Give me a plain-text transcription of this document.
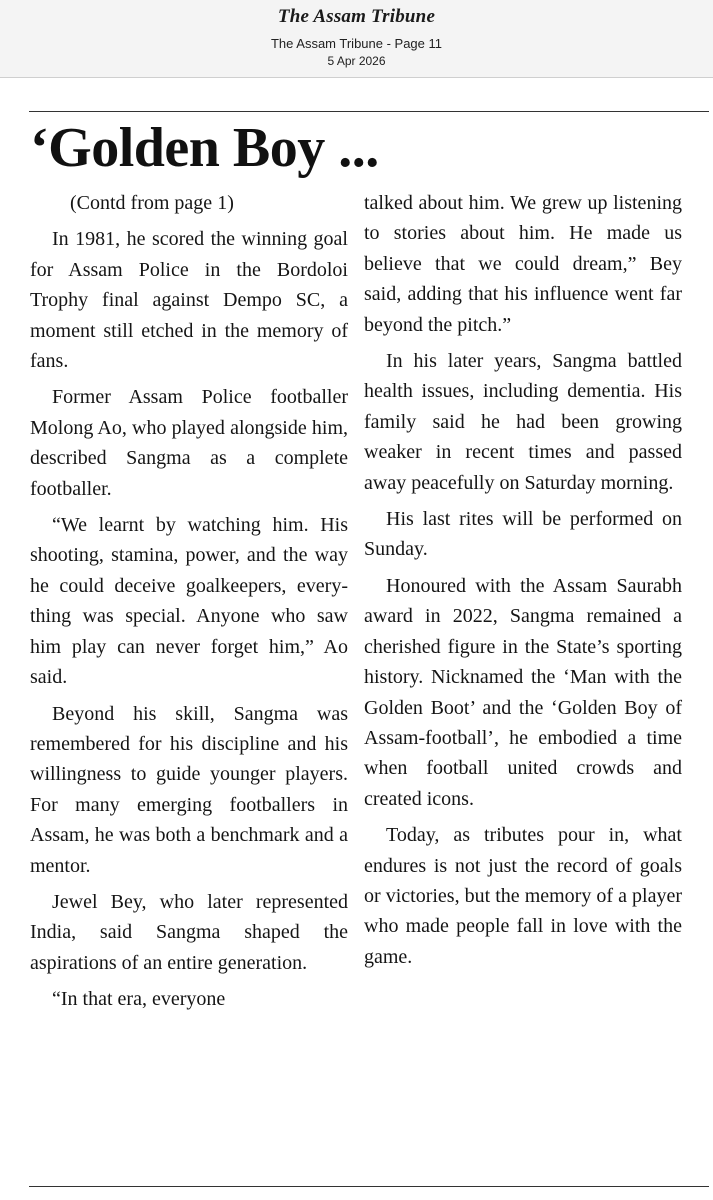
The Assam Tribune
The Assam Tribune - Page 11
5 Apr 2026
‘Golden Boy ...

(Contd from page 1)

In 1981, he scored the winning goal for Assam Police in the Bordoloi Trophy final against Dempo SC, a moment still etched in the memory of fans.

Former Assam Police footballer Molong Ao, who played alongside him, described Sangma as a complete footballer.

“We learnt by watching him. His shooting, stamina, power, and the way he could deceive goalkeepers, everything was special. Anyone who saw him play can never forget him,” Ao said.

Beyond his skill, Sangma was remembered for his discipline and his willingness to guide younger players. For many emerging footballers in Assam, he was both a benchmark and a mentor.

Jewel Bey, who later represented India, said Sangma shaped the aspirations of an entire generation.

“In that era, everyone

talked about him. We grew up listening to stories about him. He made us believe that we could dream,” Bey said, adding that his influence went far beyond the pitch.”

In his later years, Sangma battled health issues, including dementia. His family said he had been growing weaker in recent times and passed away peacefully on Saturday morning.

His last rites will be performed on Sunday.

Honoured with the Assam Saurabh award in 2022, Sangma remained a cherished figure in the State’s sporting history. Nicknamed the ‘Man with the Golden Boot’ and the ‘Golden Boy of Assam-football’, he embodied a time when football united crowds and created icons.

Today, as tributes pour in, what endures is not just the record of goals or victories, but the memory of a player who made people fall in love with the game.
